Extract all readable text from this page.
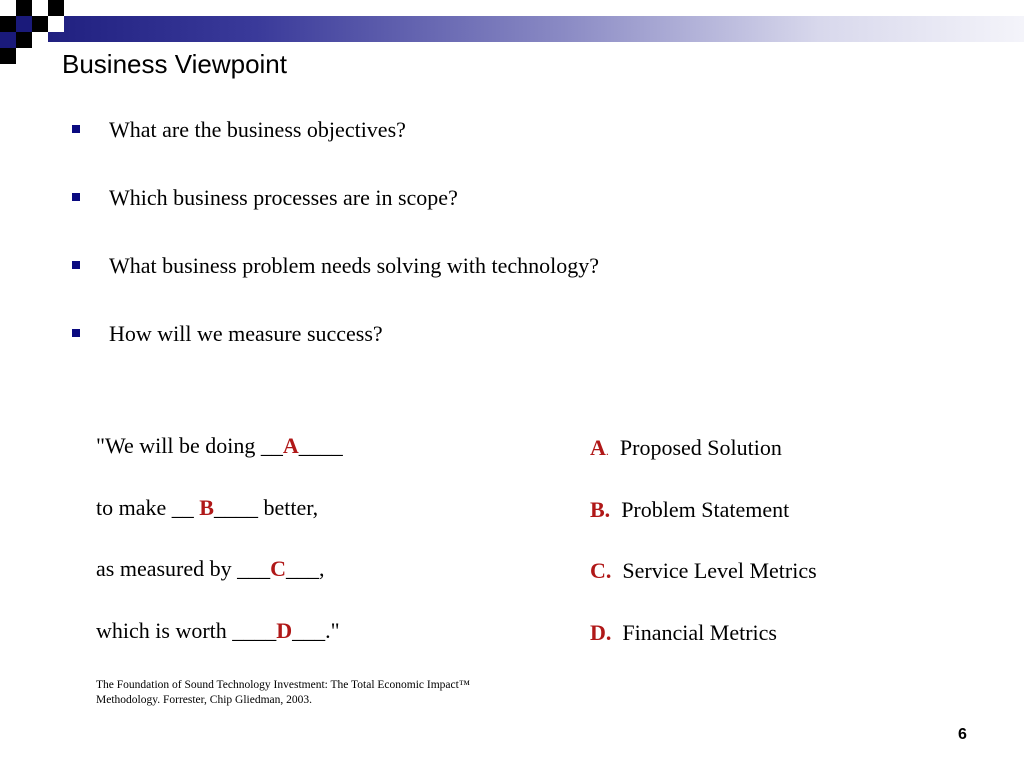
Business Viewpoint
What are the business objectives?
Which business processes are in scope?
What business problem needs solving with technology?
How will we measure success?
"We will be doing __A____
to make __ B____ better,
as measured by ___C___,
which is worth ____D___."
A. Proposed Solution
B. Problem Statement
C. Service Level Metrics
D. Financial Metrics
The Foundation of Sound Technology Investment: The Total Economic Impact™ Methodology. Forrester, Chip Gliedman, 2003.
6
